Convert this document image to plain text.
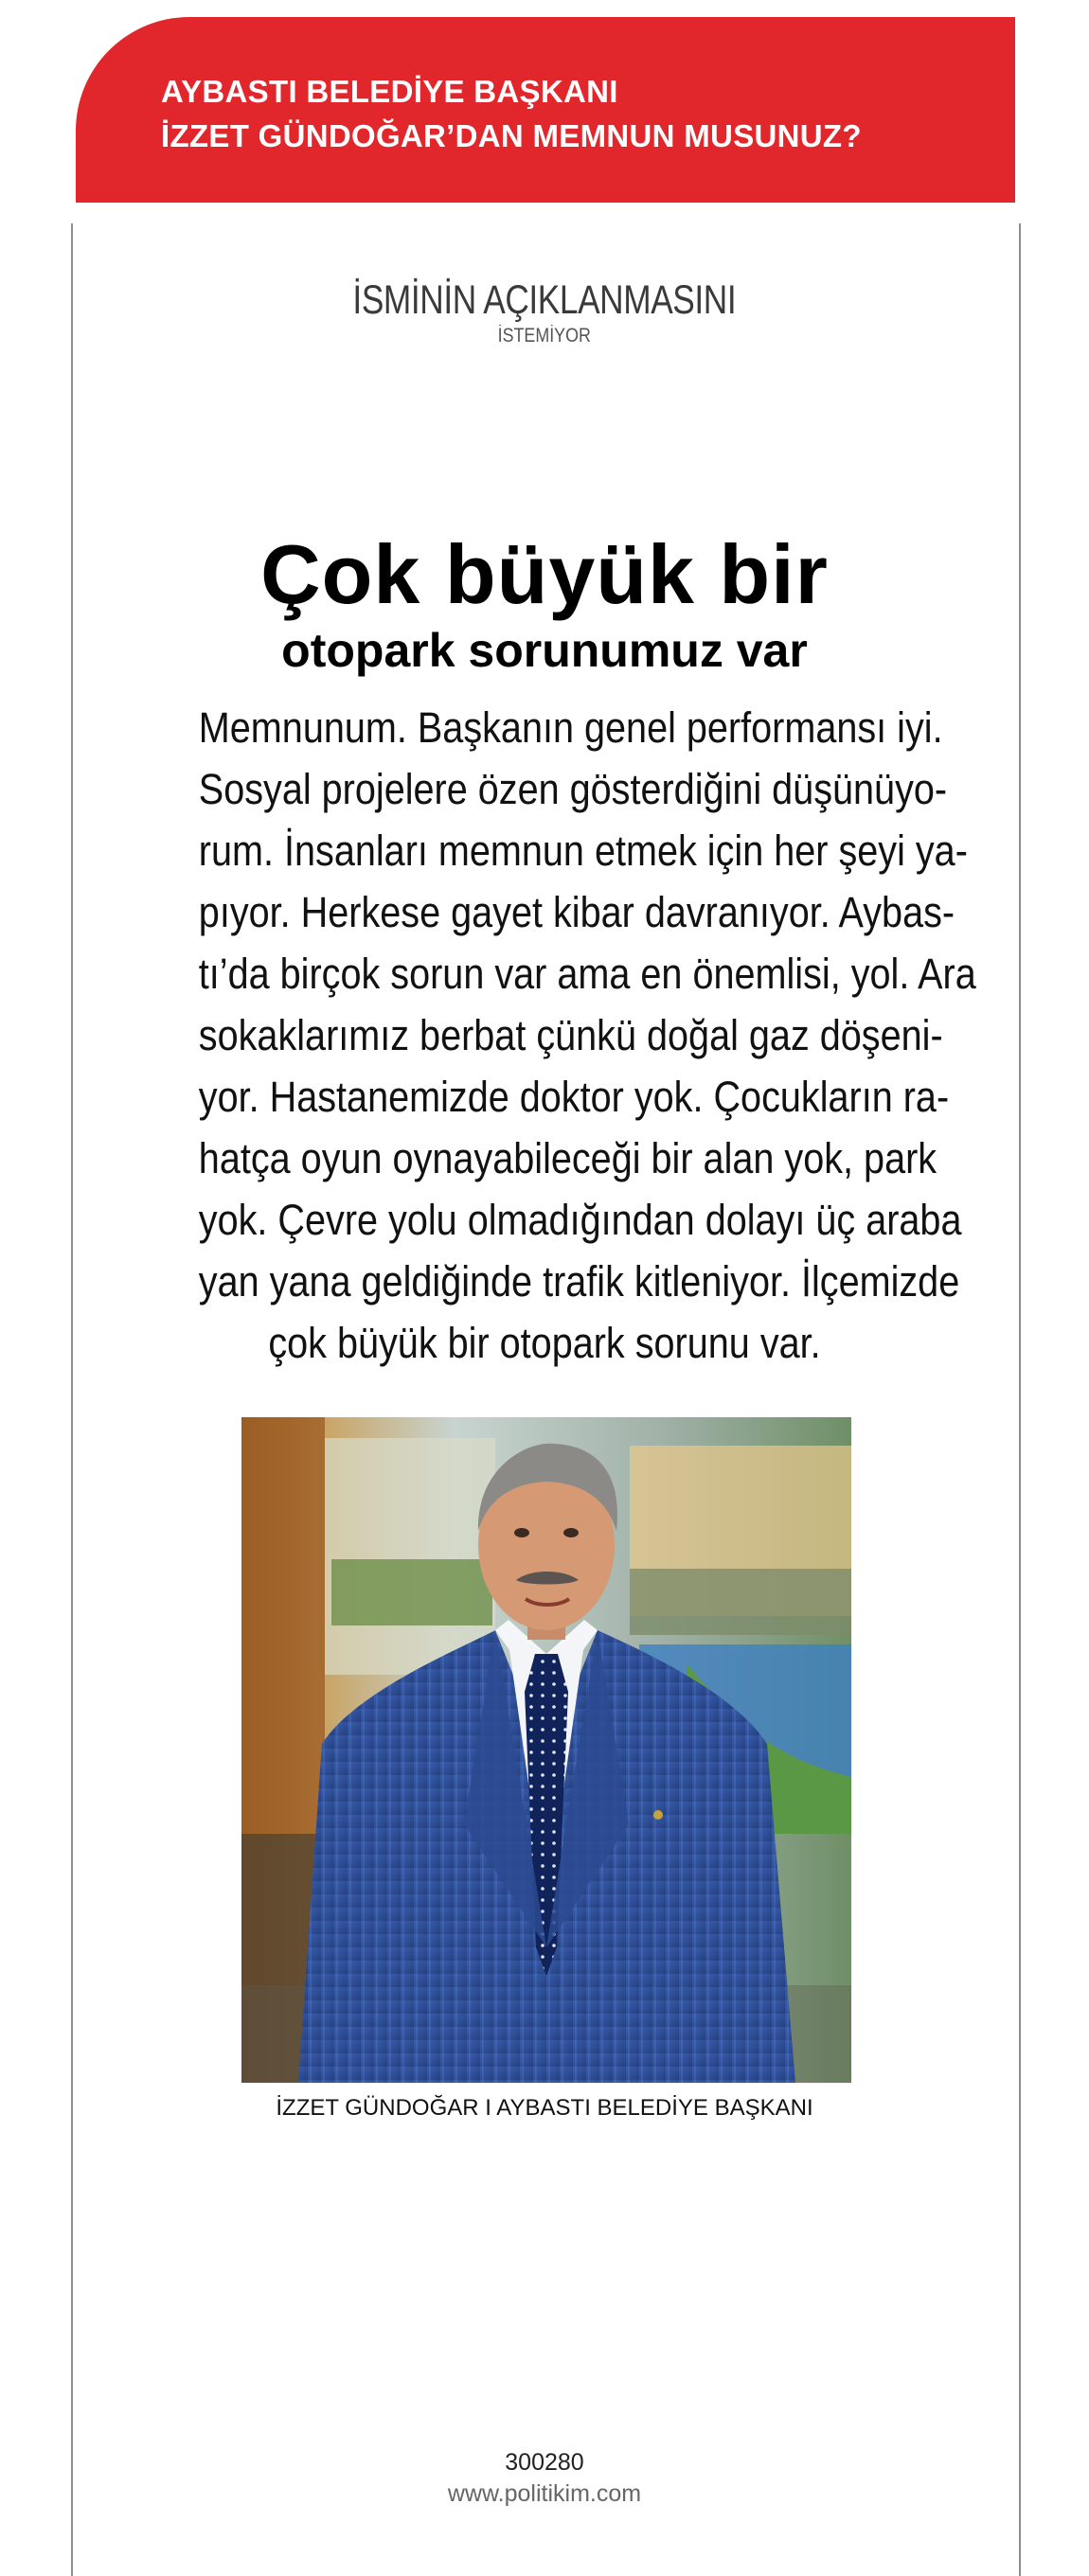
AYBASTI BELEDİYE BAŞKANI
İZZET GÜNDOĞAR’DAN MEMNUN MUSUNUZ?
İSMİNİN AÇIKLANMASINI
İSTEMİYOR
Çok büyük bir
otopark sorunumuz var
Memnunum. Başkanın genel performansı iyi.
Sosyal projelere özen gösterdiğini düşünüyo-
rum. İnsanları memnun etmek için her şeyi ya-
pıyor. Herkese gayet kibar davranıyor. Aybas-
tı’da birçok sorun var ama en önemlisi, yol. Ara
sokaklarımız berbat çünkü doğal gaz döşeni-
yor. Hastanemizde doktor yok. Çocukların ra-
hatça oyun oynayabileceği bir alan yok, park
yok. Çevre yolu olmadığından dolayı üç araba
yan yana geldiğinde trafik kitleniyor. İlçemizde
çok büyük bir otopark sorunu var.
İZZET GÜNDOĞAR I AYBASTI BELEDİYE BAŞKANI
300280
www.politikim.com
